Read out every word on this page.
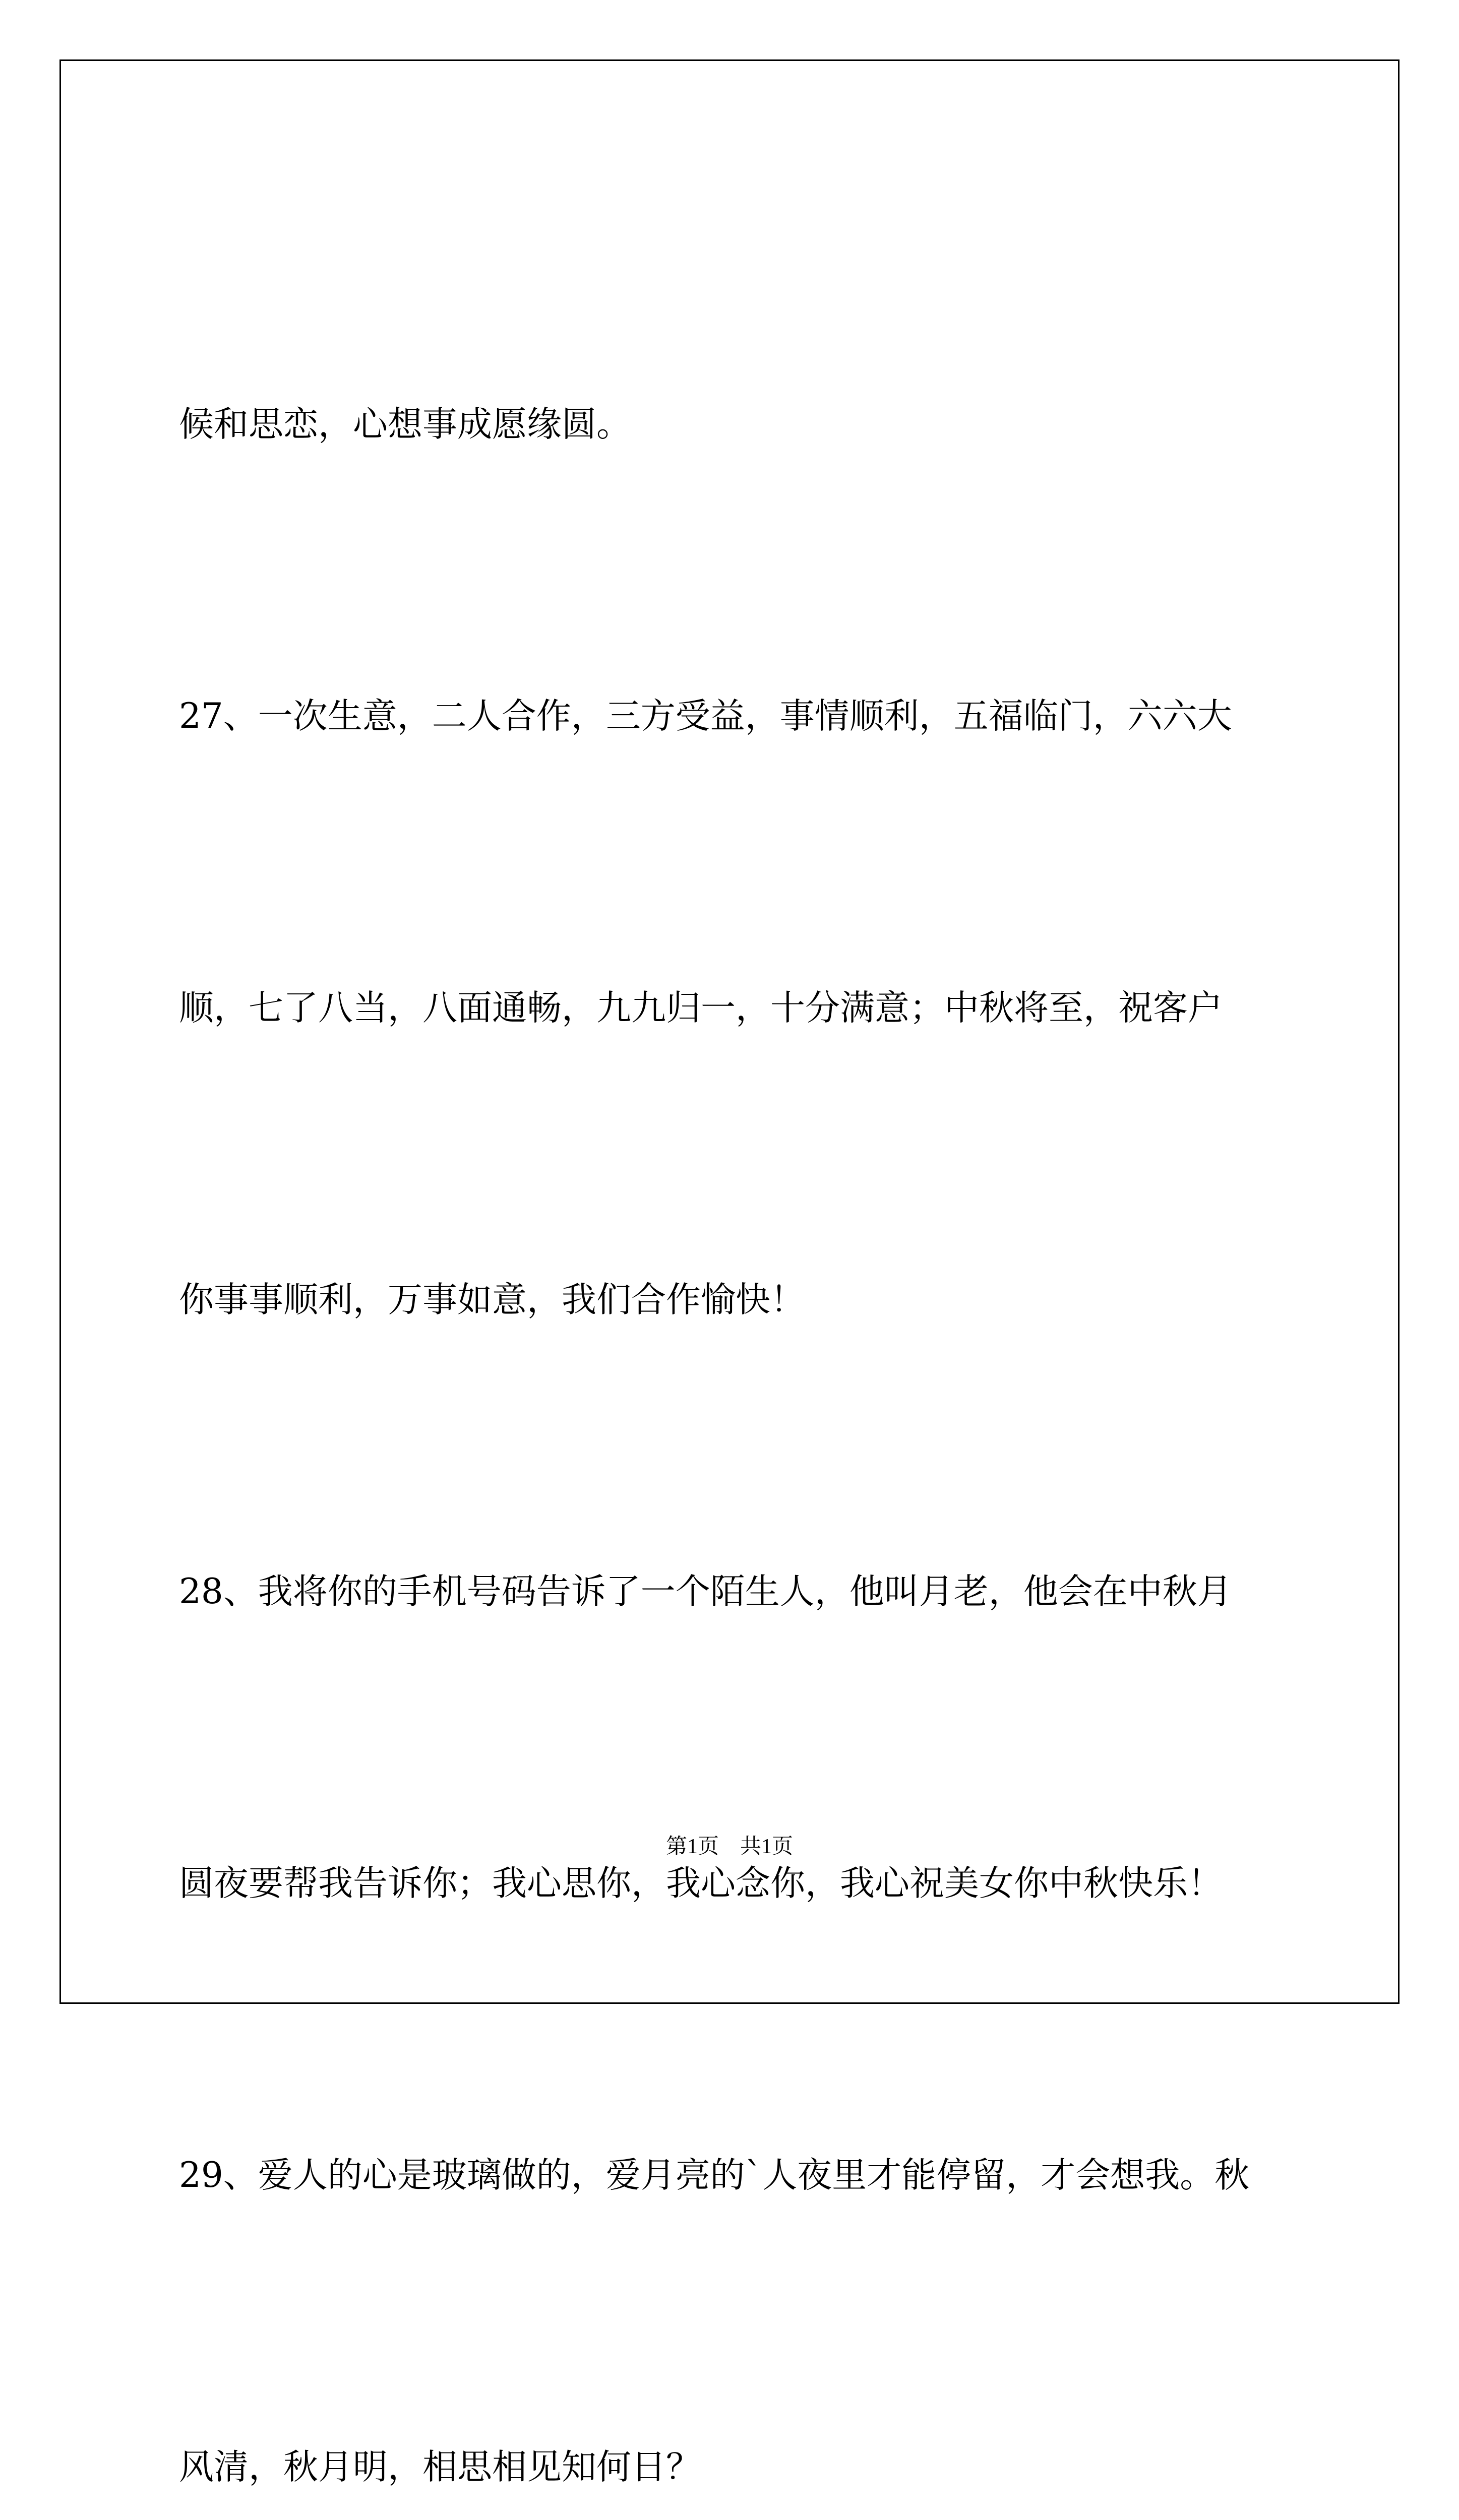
候和思恋，心想事成愿缘圆。

27、一次生意，二人合作，三方受益，事情顺利，五福临门，六六大

顺，七了八当，八面通畅，九九归一，十分满意；中秋将至，祝客户

你事事顺利，万事如意，我们合作愉快！

28、我将你的手机号码告诉了一个陌生人，他叫月老，他会在中秋月

圆夜要帮我告诉你；我心思你，我心念你，我心祝美女你中秋快乐！

29、爱人的心是玻璃做的，爱月亮的`人夜里才能停留，才会想我。秋

风清，秋月明，相思相见知何日？

第1页　共1页
